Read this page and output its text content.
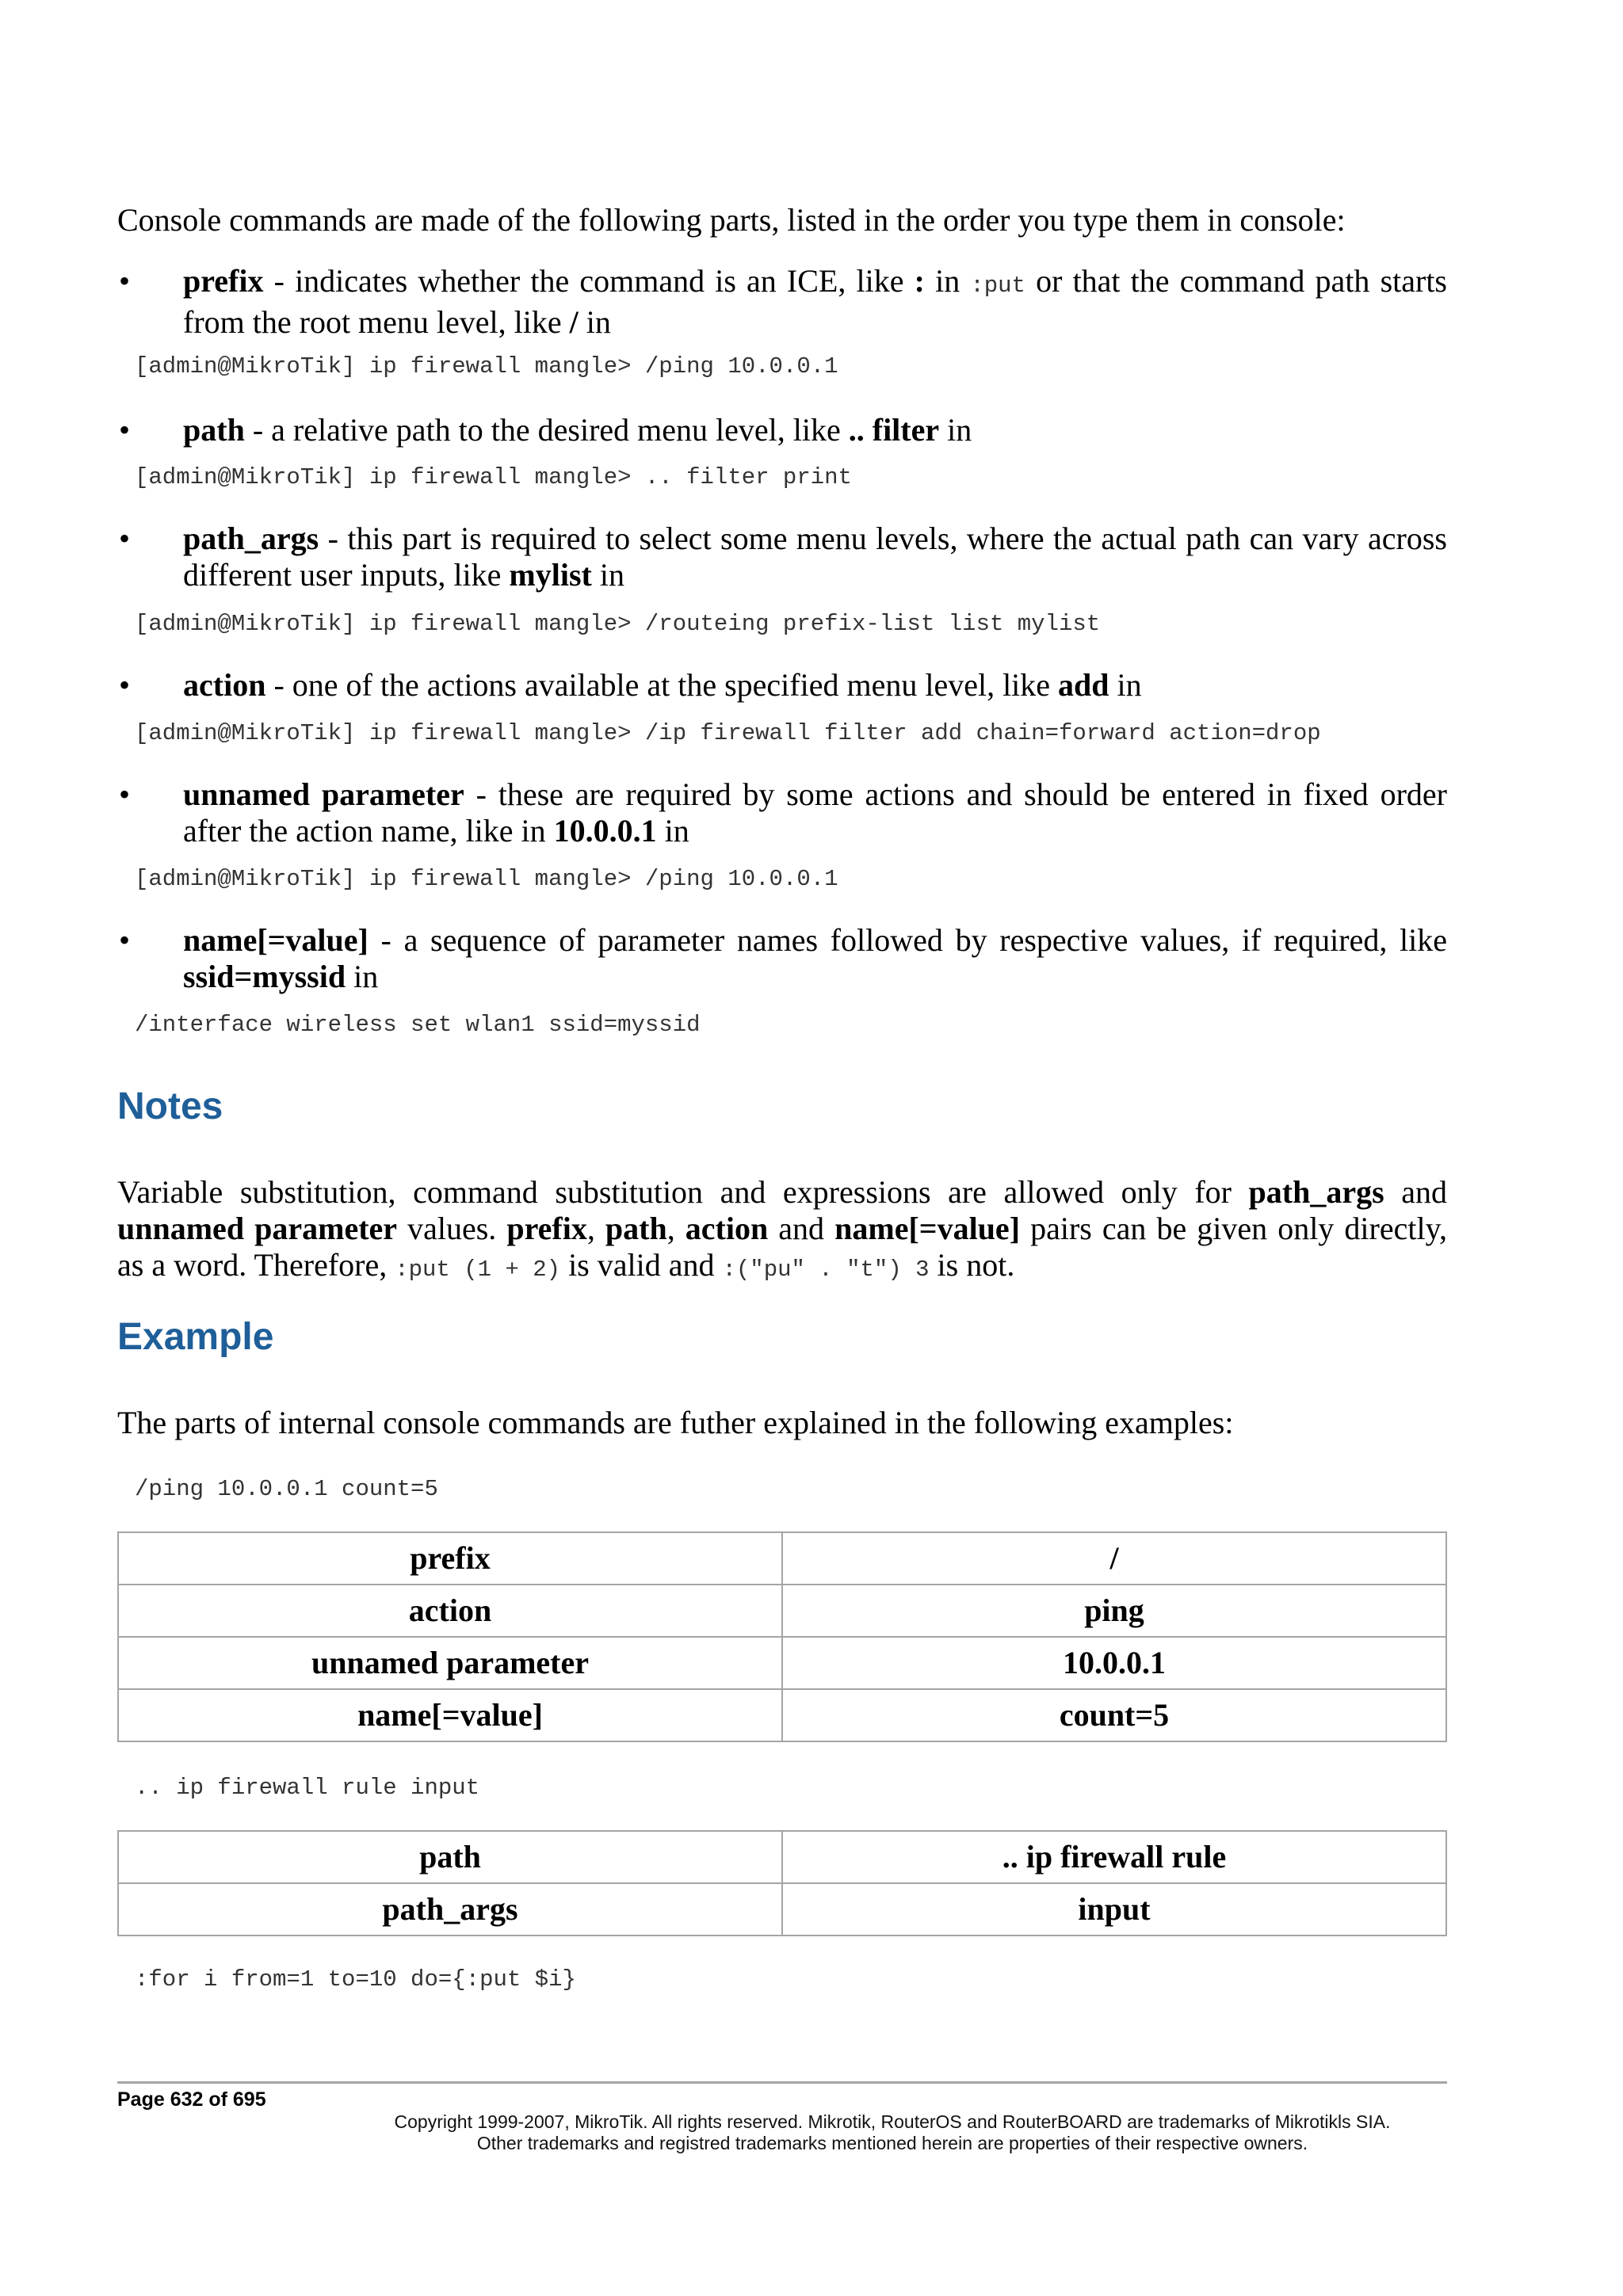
Console commands are made of the following parts, listed in the order you type them in console:

• prefix - indicates whether the command is an ICE, like : in :put or that the command path starts from the root menu level, like / in

[admin@MikroTik] ip firewall mangle> /ping 10.0.0.1
• path - a relative path to the desired menu level, like .. filter in

[admin@MikroTik] ip firewall mangle> .. filter print
• path_args - this part is required to select some menu levels, where the actual path can vary across different user inputs, like mylist in

[admin@MikroTik] ip firewall mangle> /routeing prefix-list list mylist
• action - one of the actions available at the specified menu level, like add in

[admin@MikroTik] ip firewall mangle> /ip firewall filter add chain=forward action=drop
• unnamed parameter - these are required by some actions and should be entered in fixed order after the action name, like in 10.0.0.1 in

[admin@MikroTik] ip firewall mangle> /ping 10.0.0.1
• name[=value] - a sequence of parameter names followed by respective values, if required, like ssid=myssid in

/interface wireless set wlan1 ssid=myssid
Notes

Variable substitution, command substitution and expressions are allowed only for path_args and unnamed parameter values. prefix, path, action and name[=value] pairs can be given only directly, as a word. Therefore, :put (1 + 2) is valid and :("pu" . "t") 3 is not.

Example

The parts of internal console commands are futher explained in the following examples:

/ping 10.0.0.1 count=5
prefix	/
action	ping
unnamed parameter	10.0.0.1
name[=value]	count=5
.. ip firewall rule input
path	.. ip firewall rule
path_args	input
:for i from=1 to=10 do={:put $i}
Page 632 of 695
Copyright 1999-2007, MikroTik. All rights reserved. Mikrotik, RouterOS and RouterBOARD are trademarks of Mikrotikls SIA.
Other trademarks and registred trademarks mentioned herein are properties of their respective owners.
